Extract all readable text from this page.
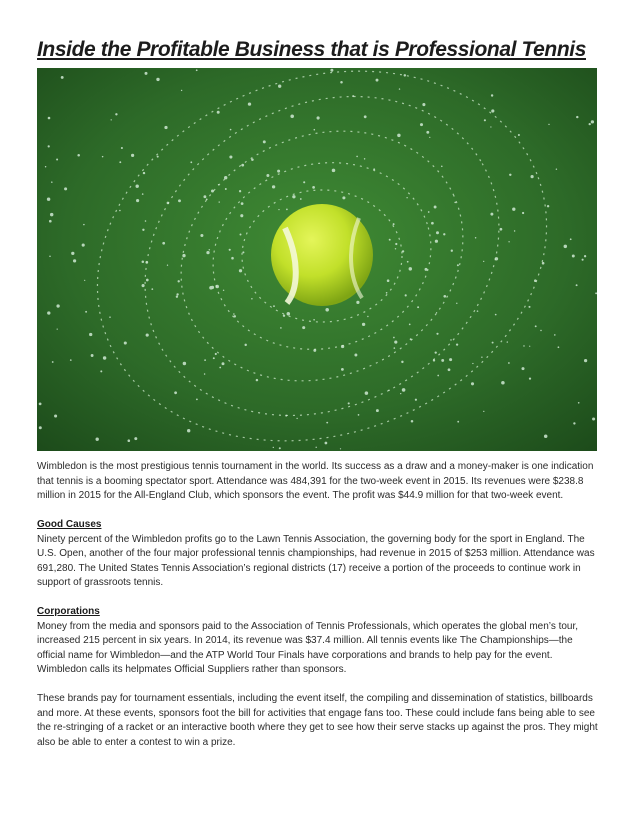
Inside the Profitable Business that is Professional Tennis

Wimbledon is the most prestigious tennis tournament in the world. Its success as a draw and a money-maker is one indication that tennis is a booming spectator sport. Attendance was 484,391 for the two-week event in 2015. Its revenues were $238.8 million in 2015 for the All-England Club, which sponsors the event. The profit was $44.9 million for that two-week event.

Good Causes
Ninety percent of the Wimbledon profits go to the Lawn Tennis Association, the governing body for the sport in England. The U.S. Open, another of the four major professional tennis championships, had revenue in 2015 of $253 million. Attendance was 691,280. The United States Tennis Association’s regional districts (17) receive a portion of the proceeds to continue work in support of grassroots tennis.

Corporations
Money from the media and sponsors paid to the Association of Tennis Professionals, which operates the global men’s tour, increased 215 percent in six years. In 2014, its revenue was $37.4 million. All tennis events like The Championships—the official name for Wimbledon—and the ATP World Tour Finals have corporations and brands to help pay for the event. Wimbledon calls its helpmates Official Suppliers rather than sponsors.

These brands pay for tournament essentials, including the event itself, the compiling and dissemination of statistics, billboards and more. At these events, sponsors foot the bill for activities that engage fans too. These could include fans being able to see the re-stringing of a racket or an interactive booth where they get to see how their serve stacks up against the pros. They might also be able to enter a contest to win a prize.
